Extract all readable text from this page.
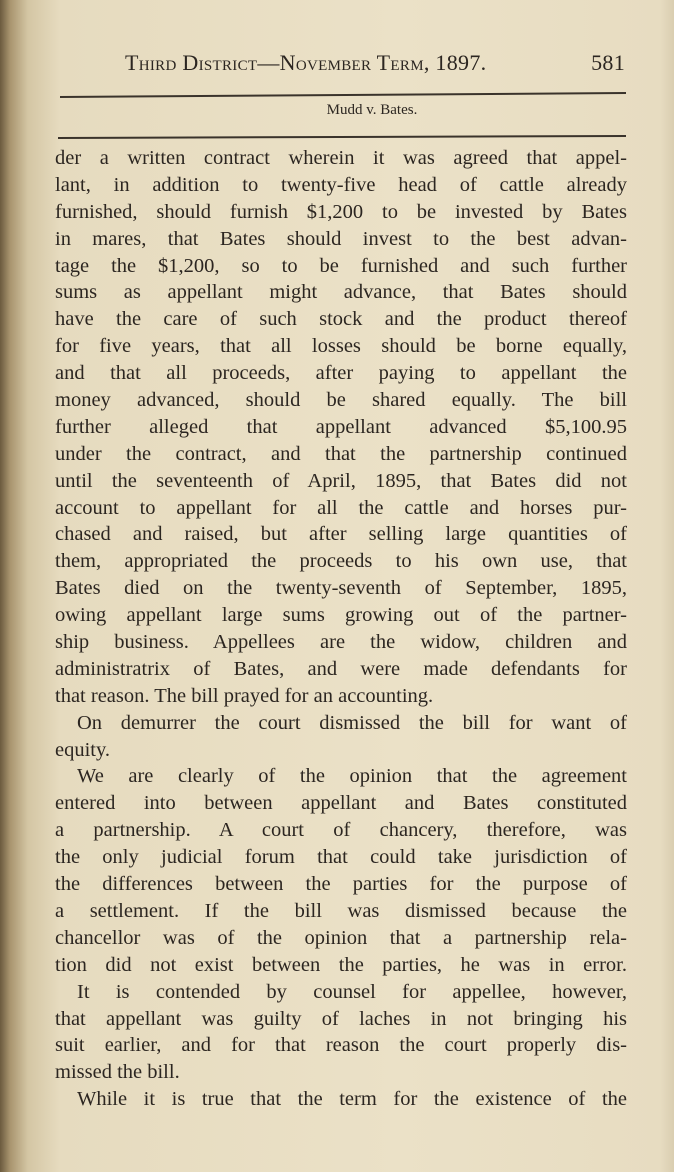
Third District—November Term, 1897.	581
Mudd v. Bates.
der a written contract wherein it was agreed that appel-
lant, in addition to twenty-five head of cattle already
furnished, should furnish $1,200 to be invested by Bates
in mares, that Bates should invest to the best advan-
tage the $1,200, so to be furnished and such further
sums as appellant might advance, that Bates should
have the care of such stock and the product thereof
for five years, that all losses should be borne equally,
and that all proceeds, after paying to appellant the
money advanced, should be shared equally. The bill
further alleged that appellant advanced $5,100.95
under the contract, and that the partnership continued
until the seventeenth of April, 1895, that Bates did not
account to appellant for all the cattle and horses pur-
chased and raised, but after selling large quantities of
them, appropriated the proceeds to his own use, that
Bates died on the twenty-seventh of September, 1895,
owing appellant large sums growing out of the partner-
ship business. Appellees are the widow, children and
administratrix of Bates, and were made defendants for
that reason. The bill prayed for an accounting.
On demurrer the court dismissed the bill for want of
equity.
We are clearly of the opinion that the agreement
entered into between appellant and Bates constituted
a partnership. A court of chancery, therefore, was
the only judicial forum that could take jurisdiction of
the differences between the parties for the purpose of
a settlement. If the bill was dismissed because the
chancellor was of the opinion that a partnership rela-
tion did not exist between the parties, he was in error.
It is contended by counsel for appellee, however,
that appellant was guilty of laches in not bringing his
suit earlier, and for that reason the court properly dis-
missed the bill.
While it is true that the term for the existence of the
